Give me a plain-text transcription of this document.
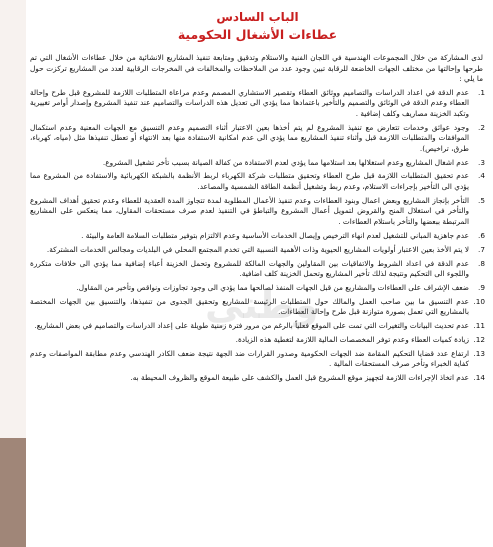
الباب السادس
عطاءات الأشغال الحكومية
لدى المشاركة من خلال المجموعات الهندسية في اللجان الفنية والاستلام وتدقيق ومتابعة تنفيذ المشاريع الانشائية من خلال عطاءات الأشغال التي تم طرحها وإحالتها من مختلف الجهات الخاضعة للرقابة تبين وجود عدد من الملاحظات والمخالفات في المخرجات الرقابية لعدد من المشاريع تركزت حول ما يلي :
1.
عدم الدقة في اعداد الدراسات والتصاميم ووثائق العطاء وتقصير الاستشاري المصمم وعدم مراعاة المتطلبات اللازمة للمشروع قبل طرح وإحالة العطاء وعدم الدقة في الوثائق والتصميم والتأخير باعتمادها مما يؤدي الى تعديل هذه الدراسات والتصاميم عند تنفيذ المشروع وإصدار أوامر تغييرية وتكبد الخزينة مصاريف وكلف إضافية .
2.
وجود عوائق وخدمات تتعارض مع تنفيذ المشروع لم يتم أخذها بعين الاعتبار أثناء التصميم وعدم التنسيق مع الجهات المعنية وعدم استكمال الموافقات والمتطلبات اللازمة قبل وأثناء تنفيذ المشاريع مما يؤدي الى عدم امكانية الاستفادة منها بعد الانتهاء أو تعطل تنفيذها مثل (مياه، كهرباء، طرق، تراخيص).
3.
عدم اشغال المشاريع وعدم استغلالها بعد استلامها مما يؤدي لعدم الاستفادة من كفالة الصيانة بسبب تأخر تشغيل المشروع.
4.
عدم تحقيق المتطلبات اللازمة قبل طرح العطاء وتحقيق متطلبات شركة الكهرباء لربط الأنظمة بالشبكة الكهربائية والاستفادة من المشروع مما يؤدي الى التأخير بإجراءات الاستلام، وعدم ربط وتشغيل أنظمة الطاقة الشمسية والمصاعد.
5.
التأخر بإنجاز المشاريع وبعض اعمال وبنود العطاءات وعدم تنفيذ الأعمال المطلوبة لمدة تتجاوز المدة العقدية للعطاء وعدم تحقيق أهداف المشروع والتأخر في استغلال المنح والقروض لتمويل أعمال المشروع والتباطؤ في التنفيذ لعدم صرف مستحقات المقاول، مما ينعكس على المشاريع المرتبطة ببعضها والتأخر باستلام العطاءات .
6.
عدم جاهزية المباني للتشغيل لعدم انهاء الترخيص وإيصال الخدمات الأساسية وعدم الالتزام بتوفير متطلبات السلامة العامة والبيئة .
7.
لا يتم الأخذ بعين الاعتبار أولويات المشاريع الحيوية وذات الأهمية النسبية التي تخدم المجتمع المحلي في البلديات ومجالس الخدمات المشتركة.
8.
عدم الدقة في اعداد الشروط والاتفاقيات بين المقاولين والجهات المالكة للمشروع وتحمل الخزينة أعباء إضافية مما يؤدي الى خلافات متكررة واللجوء الى التحكيم ونتيجة لذلك تأخير المشاريع وتحمل الخزينة كلف اضافية.
9.
ضعف الإشراف على العطاءات والمشاريع من قبل الجهات المنفذ لصالحها مما يؤدي الى وجود تجاوزات ونواقص وتأخير من المقاول.
10.
عدم التنسيق ما بين صاحب العمل والمالك حول المتطلبات الرئيسة للمشاريع وتحقيق الجدوى من تنفيذها، والتنسيق بين الجهات المختصة بالمشاريع التي تعمل بصورة متوازنة قبل طرح وإحالة العطاءات.
11.
عدم تحديث البيانات والتغيرات التي تمت على الموقع فعلياً بالرغم من مرور فترة زمنية طويلة على إعداد الدراسات والتصاميم في بعض المشاريع.
12.
زيادة كميات العطاء وعدم توفر المخصصات المالية اللازمة لتغطية هذه الزيادة.
13.
ارتفاع عدد قضايا التحكيم المقامة ضد الجهات الحكومية وصدور القرارات ضد الجهة نتيجة ضعف الكادر الهندسي وعدم مطابقة المواصفات وعدم كفاية الخبراء وتأخر صرف المستحقات المالية .
14.
عدم اتخاذ الإجراءات اللازمة لتجهيز موقع المشروع قبل العمل والكشف على طبيعة الموقع والظروف المحيطة به.
وطني
